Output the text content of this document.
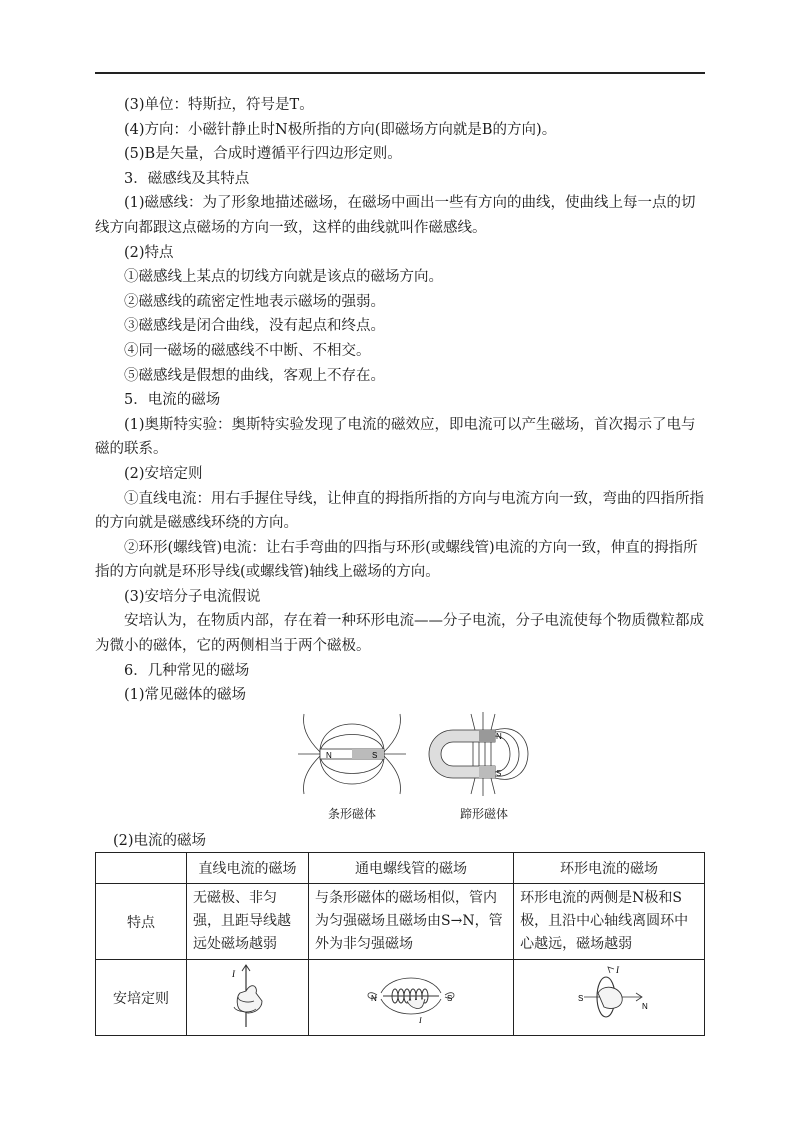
(3)单位：特斯拉，符号是T。

(4)方向：小磁针静止时N极所指的方向(即磁场方向就是B的方向)。

(5)B是矢量，合成时遵循平行四边形定则。

3．磁感线及其特点

(1)磁感线：为了形象地描述磁场，在磁场中画出一些有方向的曲线，使曲线上每一点的切线方向都跟这点磁场的方向一致，这样的曲线就叫作磁感线。

(2)特点

①磁感线上某点的切线方向就是该点的磁场方向。

②磁感线的疏密定性地表示磁场的强弱。

③磁感线是闭合曲线，没有起点和终点。

④同一磁场的磁感线不中断、不相交。

⑤磁感线是假想的曲线，客观上不存在。

5．电流的磁场

(1)奥斯特实验：奥斯特实验发现了电流的磁效应，即电流可以产生磁场，首次揭示了电与磁的联系。

(2)安培定则

①直线电流：用右手握住导线，让伸直的拇指所指的方向与电流方向一致，弯曲的四指所指的方向就是磁感线环绕的方向。

②环形(螺线管)电流：让右手弯曲的四指与环形(或螺线管)电流的方向一致，伸直的拇指所指的方向就是环形导线(或螺线管)轴线上磁场的方向。

(3)安培分子电流假说

安培认为，在物质内部，存在着一种环形电流——分子电流，分子电流使每个物质微粒都成为微小的磁体，它的两侧相当于两个磁极。

6．几种常见的磁场

(1)常见磁体的磁场

N	S
条形磁体
N
S
蹄形磁体
(2)电流的磁场
	直线电流的磁场	通电螺线管的磁场	环形电流的磁场
特点	无磁极、非匀强，且距导线越远处磁场越弱	与条形磁体的磁场相似，管内为匀强磁场且磁场由S→N，管外为非匀强磁场	环形电流的两侧是N极和S极，且沿中心轴线离圆环中心越远，磁场越弱
安培定则	I	N S
I	S
N
I
